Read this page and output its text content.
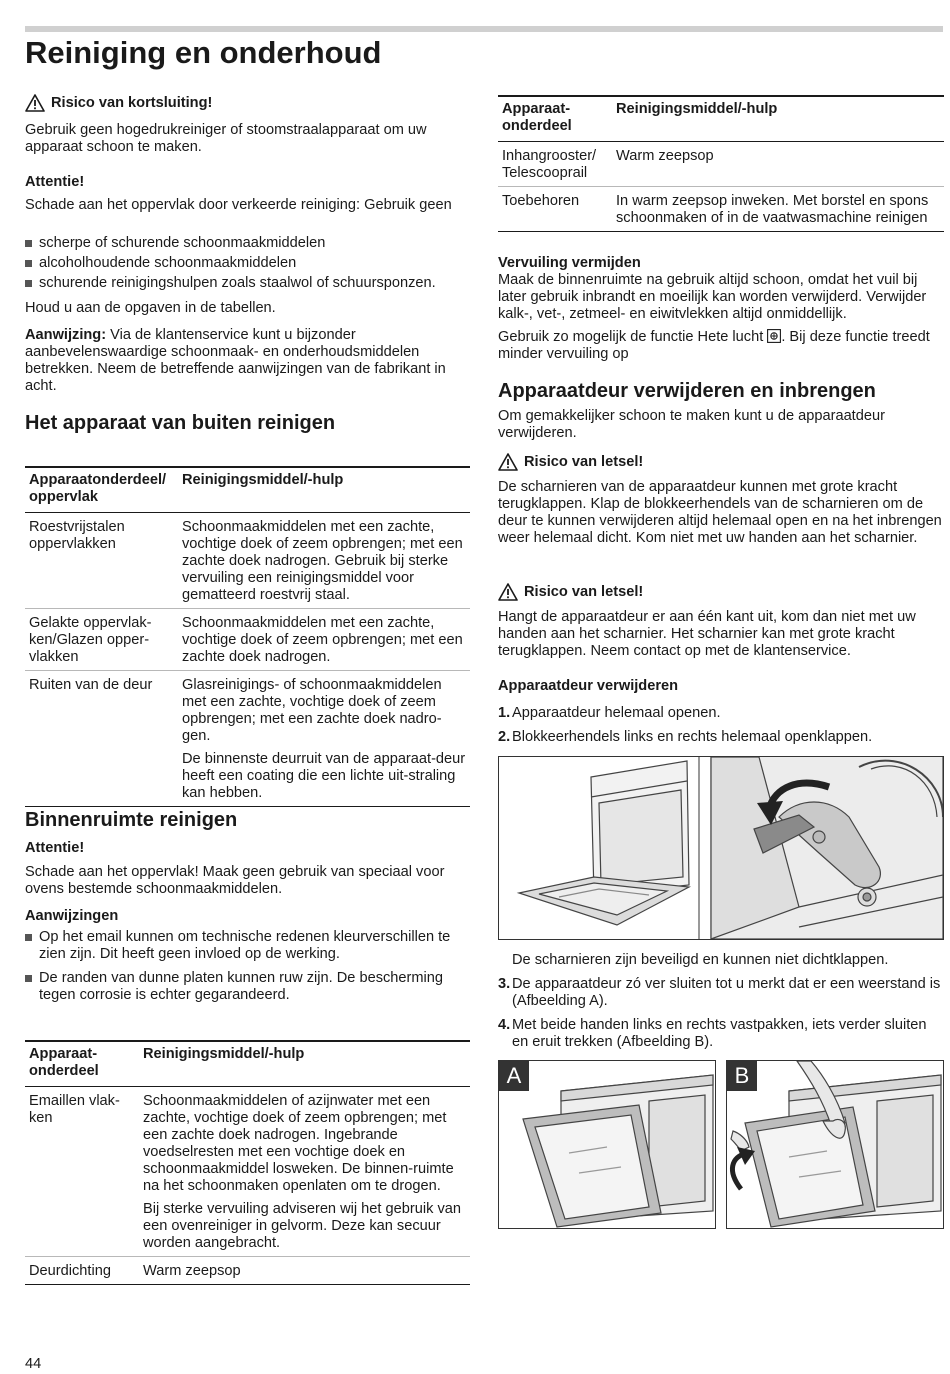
Reiniging en onderhoud
Risico van kortsluiting!

Gebruik geen hogedrukreiniger of stoomstraalapparaat om uw apparaat schoon te maken.

Attentie!

Schade aan het oppervlak door verkeerde reiniging: Gebruik geen

scherpe of schurende schoonmaakmiddelen
alcoholhoudende schoonmaakmiddelen
schurende reinigingshulpen zoals staalwol of schuursponzen.

Houd u aan de opgaven in de tabellen.

Aanwijzing: Via de klantenservice kunt u bijzonder aanbevelenswaardige schoonmaak- en onderhoudsmiddelen betrekken. Neem de betreffende aanwijzingen van de fabrikant in acht.

Het apparaat van buiten reinigen
Apparaatonderdeel/ oppervlak	Reinigingsmiddel/-hulp
Roestvrijstalen oppervlakken	Schoonmaakmiddelen met een zachte, vochtige doek of zeem opbrengen; met een zachte doek nadrogen. Gebruik bij sterke vervuiling een reinigingsmiddel voor gematteerd roestvrij staal.

Gelakte oppervlak-ken/Glazen opper-vlakken	Schoonmaakmiddelen met een zachte, vochtige doek of zeem opbrengen; met een zachte doek nadrogen.

Ruiten van de deur	Glasreinigings- of schoonmaakmiddelen met een zachte, vochtige doek of zeem opbrengen; met een zachte doek nadro-gen.

De binnenste deurruit van de apparaat-deur heeft een coating die een lichte uit-straling kan hebben.

Binnenruimte reinigen

Attentie!

Schade aan het oppervlak! Maak geen gebruik van speciaal voor ovens bestemde schoonmaakmiddelen.

Aanwijzingen

Op het email kunnen om technische redenen kleurverschillen te zien zijn. Dit heeft geen invloed op de werking.
De randen van dunne platen kunnen ruw zijn. De bescherming tegen corrosie is echter gegarandeerd.
Apparaat-onderdeel	Reinigingsmiddel/-hulp
Emaillen vlak-ken	Schoonmaakmiddelen of azijnwater met een zachte, vochtige doek of zeem opbrengen; met een zachte doek nadrogen. Ingebrande voedselresten met een vochtige doek en schoonmaakmiddel losweken. De binnen-ruimte na het schoonmaken openlaten om te drogen.

Bij sterke vervuiling adviseren wij het gebruik van een ovenreiniger in gelvorm. Deze kan secuur worden aangebracht.

Deurdichting	Warm zeepsop
Apparaat-onderdeel	Reinigingsmiddel/-hulp
Inhangrooster/ Telescooprail	Warm zeepsop
Toebehoren	In warm zeepsop inweken. Met borstel en spons schoonmaken of in de vaatwasmachine reinigen

Vervuiling vermijden

Maak de binnenruimte na gebruik altijd schoon, omdat het vuil bij later gebruik inbrandt en moeilijk kan worden verwijderd. Verwijder kalk-, vet-, zetmeel- en eiwitvlekken altijd onmiddellijk.

Gebruik zo mogelijk de functie Hete lucht . Bij deze functie treedt minder vervuiling op

Apparaatdeur verwijderen en inbrengen

Om gemakkelijker schoon te maken kunt u de apparaatdeur verwijderen.

Risico van letsel!

De scharnieren van de apparaatdeur kunnen met grote kracht terugklappen. Klap de blokkeerhendels van de scharnieren om de deur te kunnen verwijderen altijd helemaal open en na het inbrengen weer helemaal dicht. Kom niet met uw handen aan het scharnier.

Risico van letsel!

Hangt de apparaatdeur er aan één kant uit, kom dan niet met uw handen aan het scharnier. Het scharnier kan met grote kracht terugklappen. Neem contact op met de klantenservice.

Apparaatdeur verwijderen

1. Apparaatdeur helemaal openen.
2. Blokkeerhendels links en rechts helemaal openklappen.

De scharnieren zijn beveiligd en kunnen niet dichtklappen.

3. De apparaatdeur zó ver sluiten tot u merkt dat er een weerstand is (Afbeelding A).
4. Met beide handen links en rechts vastpakken, iets verder sluiten en eruit trekken (Afbeelding B).
A	B
44
